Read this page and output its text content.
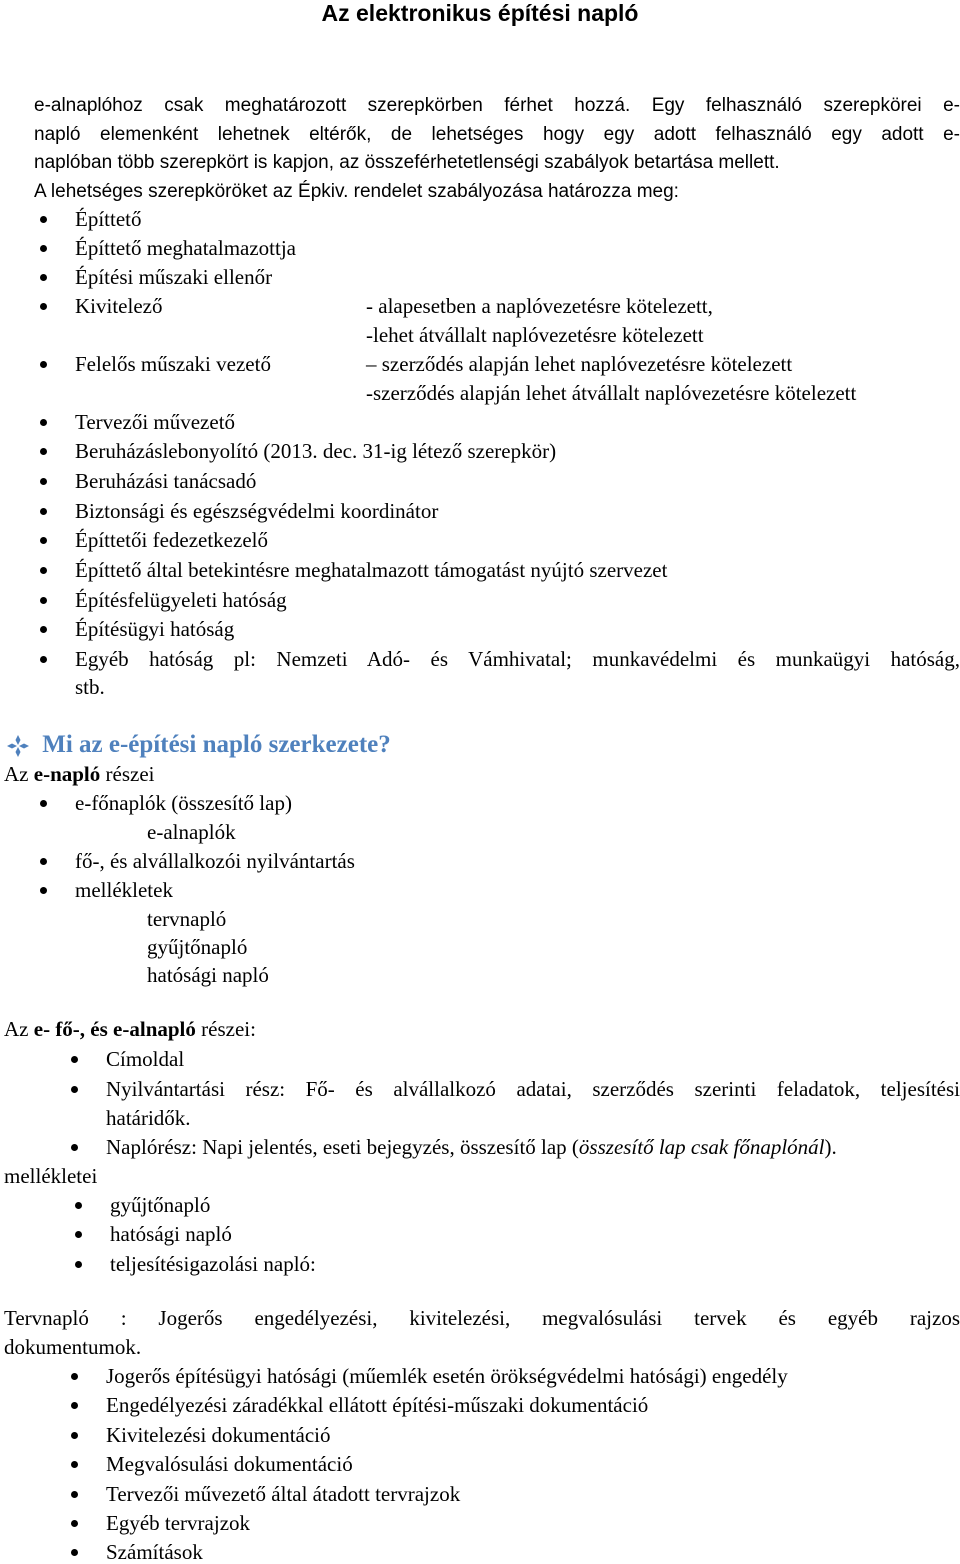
Az elektronikus építési napló
e-alnaplóhoz csak meghatározott szerepkörben férhet hozzá. Egy felhasználó szerepkörei e-
napló elemenként lehetnek eltérők, de lehetséges hogy egy adott felhasználó egy adott e-
naplóban több szerepkört is kapjon, az összeférhetetlenségi szabályok betartása mellett.
A lehetséges szerepköröket az Épkiv. rendelet szabályozása határozza meg:
Építtető
Építtető meghatalmazottja
Építési műszaki ellenőr
Kivitelező	- alapesetben a naplóvezetésre kötelezett,
-lehet átvállalt naplóvezetésre kötelezett
Felelős műszaki vezető	– szerződés alapján lehet naplóvezetésre kötelezett
-szerződés alapján lehet átvállalt naplóvezetésre kötelezett
Tervezői művezető
Beruházáslebonyolító (2013. dec. 31-ig létező szerepkör)
Beruházási tanácsadó
Biztonsági és egészségvédelmi koordinátor
Építtetői fedezetkezelő
Építtető által betekintésre meghatalmazott támogatást nyújtó szervezet
Építésfelügyeleti hatóság
Építésügyi hatóság
Egyéb hatóság pl: Nemzeti Adó- és Vámhivatal; munkavédelmi és munkaügyi hatóság,
stb.
Mi az e-építési napló szerkezete?
Az e-napló részei
e-főnaplók (összesítő lap)
e-alnaplók
fő-, és alvállalkozói nyilvántartás
mellékletek
tervnapló
gyűjtőnapló
hatósági napló
Az e- fő-, és e-alnapló részei:
Címoldal
Nyilvántartási rész: Fő- és alvállalkozó adatai, szerződés szerinti feladatok, teljesítési
határidők.
Naplórész: Napi jelentés, eseti bejegyzés, összesítő lap (összesítő lap csak főnaplónál).
mellékletei
gyűjtőnapló
hatósági napló
teljesítésigazolási napló:
Tervnapló : Jogerős engedélyezési, kivitelezési, megvalósulási tervek és egyéb rajzos
dokumentumok.
Jogerős építésügyi hatósági (műemlék esetén örökségvédelmi hatósági) engedély
Engedélyezési záradékkal ellátott építési-műszaki dokumentáció
Kivitelezési dokumentáció
Megvalósulási dokumentáció
Tervezői művezető által átadott tervrajzok
Egyéb tervrajzok
Számítások
